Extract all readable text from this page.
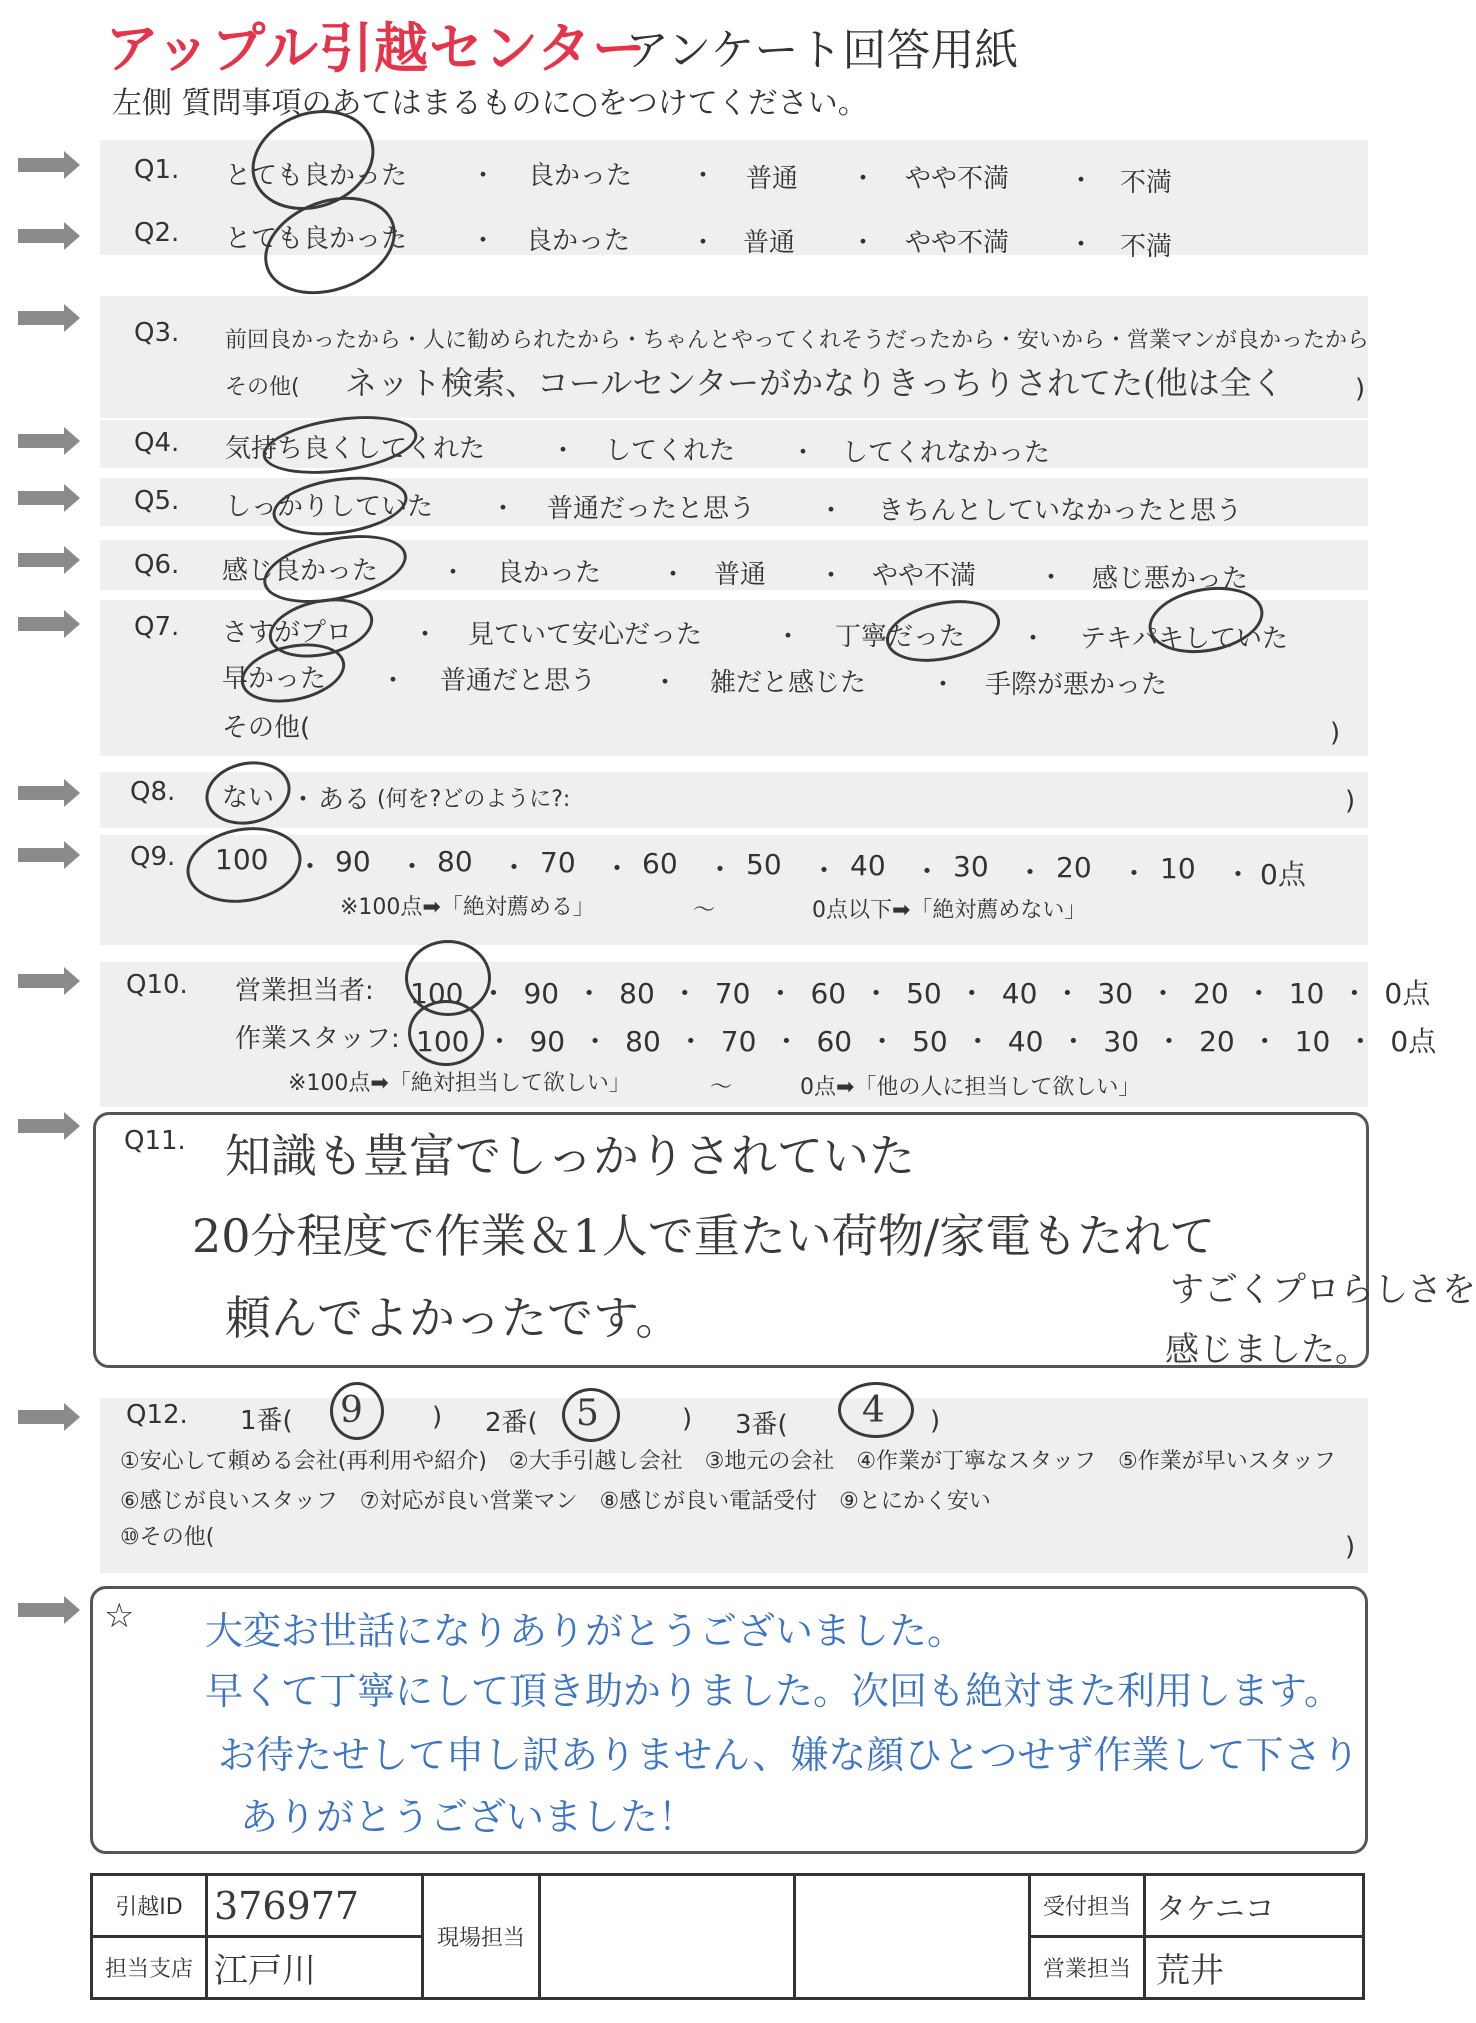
アップル引越センター
アンケート回答用紙
左側 質問事項のあてはまるものに○をつけてください。
Q1. とても良かった ・ 良かった ・ 普通 ・ やや不満 ・ 不満
Q2. とても良かった ・ 良かった ・ 普通 ・ やや不満 ・ 不満
Q3. 前回良かったから・人に勧められたから・ちゃんとやってくれそうだったから・安いから・営業マンが良かったから
その他( ネット検索、コールセンターがかなりきっちりされてた(他は全く	)
Q4. 気持ち良くしてくれた ・ してくれた ・ してくれなかった
Q5. しっかりしていた ・ 普通だったと思う ・ きちんとしていなかったと思う
Q6. 感じ良かった ・ 良かった ・ 普通 ・ やや不満 ・ 感じ悪かった
Q7. さすがプロ ・ 見ていて安心だった	・ 丁寧だった ・ テキパキしていた
早かった ・ 普通だと思う ・ 雑だと感じた ・ 手際が悪かった
その他(	)
Q8. ない ・ ある (何を?どのように?:	)
Q9. 100 ・ 90 ・ 80 ・ 70 ・ 60 ・ 50 ・ 40 ・ 30 ・ 20 ・ 10 ・ 0点
※100点➡「絶対薦める」	～	0点以下➡「絶対薦めない」
Q10. 営業担当者: 100 ・ 90 ・ 80 ・ 70 ・ 60 ・ 50 ・ 40 ・ 30 ・ 20 ・ 10 ・ 0点
作業スタッフ: 100 ・ 90 ・ 80 ・ 70 ・ 60 ・ 50 ・ 40 ・ 30 ・ 20 ・ 10 ・ 0点
※100点➡「絶対担当して欲しい」	～	0点➡「他の人に担当して欲しい」
Q11. 知識も豊富でしっかりされていた
20分程度で作業＆1人で重たい荷物/家電もたれて
頼んでよかったです。
すごくプロらしさを
感じました。
Q12. 1番( 9	) 2番( 5	) 3番( 4 )
①安心して頼める会社(再利用や紹介)　②大手引越し会社　③地元の会社　④作業が丁寧なスタッフ　⑤作業が早いスタッフ
⑥感じが良いスタッフ　⑦対応が良い営業マン　⑧感じが良い電話受付　⑨とにかく安い
⑩その他(	)
☆ 大変お世話になりありがとうございました。
早くて丁寧にして頂き助かりました。次回も絶対また利用します。
お待たせして申し訳ありません、嫌な顔ひとつせず作業して下さり
ありがとうございました！
引越ID	376977	現場担当			受付担当	タケニコ
担当支店	江戸川				営業担当	荒井
